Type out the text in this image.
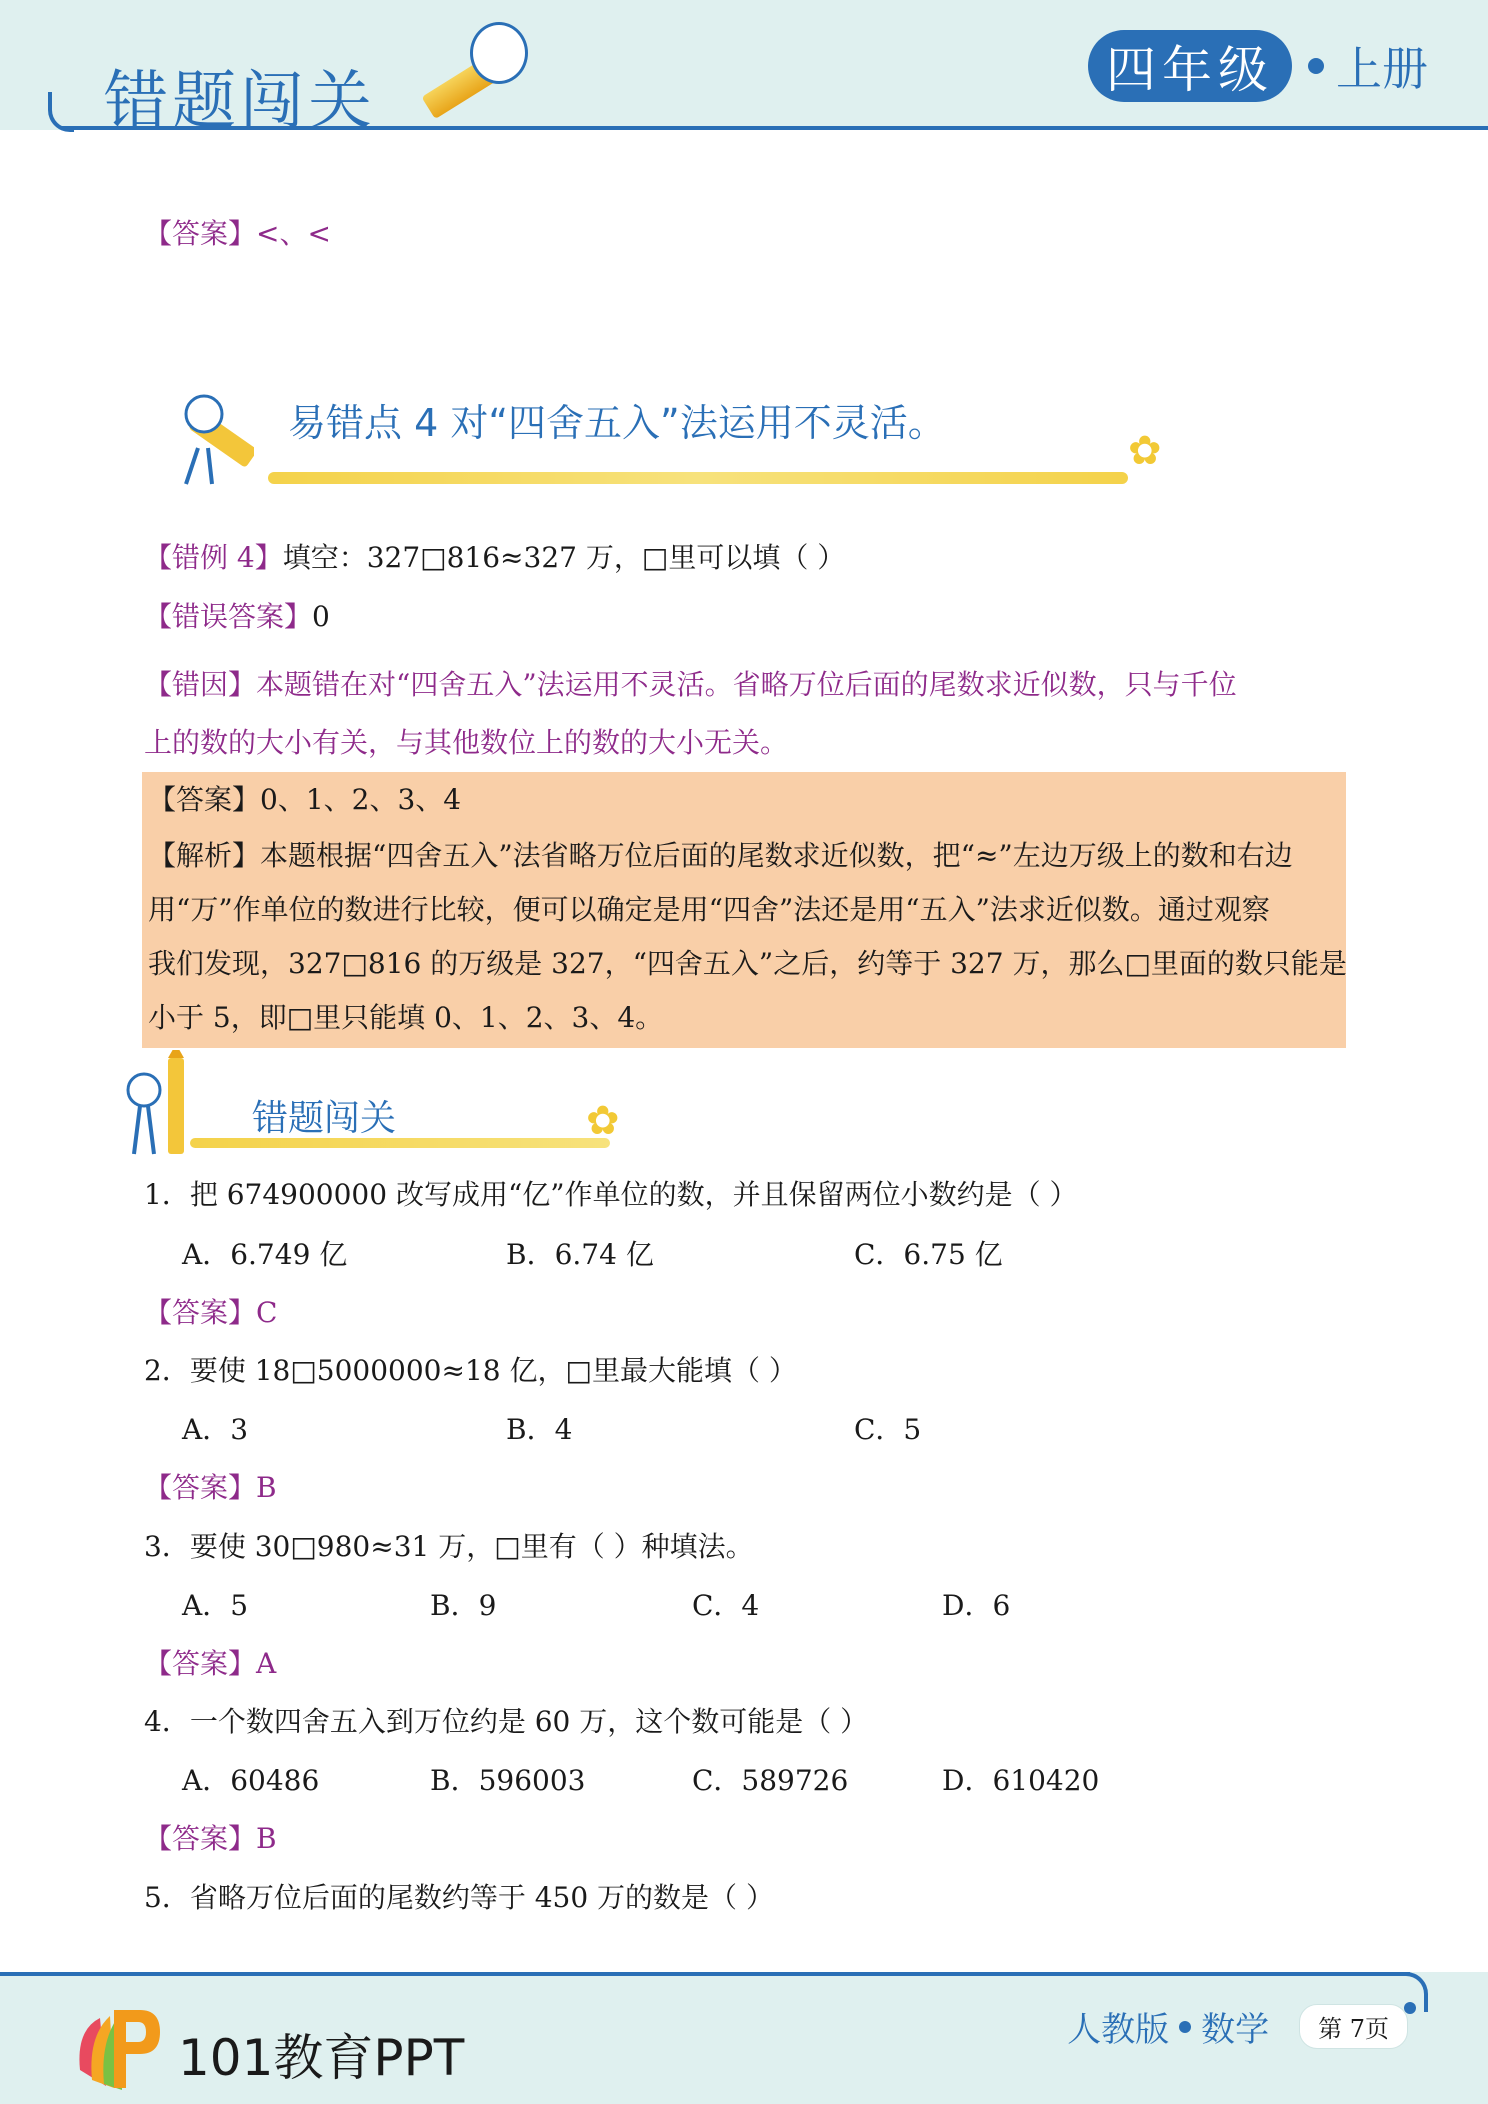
错题闯关	四年级	上册
【答案】<、<
易错点 4 对“四舍五入”法运用不灵活。
✿
【错例 4】填空：327□816≈327 万，□里可以填（ ）
【错误答案】0
【错因】本题错在对“四舍五入”法运用不灵活。省略万位后面的尾数求近似数，只与千位
上的数的大小有关，与其他数位上的数的大小无关。
【答案】0、1、2、3、4
【解析】本题根据“四舍五入”法省略万位后面的尾数求近似数，把“≈”左边万级上的数和右边
用“万”作单位的数进行比较，便可以确定是用“四舍”法还是用“五入”法求近似数。通过观察
我们发现，327□816 的万级是 327，“四舍五入”之后，约等于 327 万，那么□里面的数只能是
小于 5，即□里只能填 0、1、2、3、4。
错题闯关	✿
1．把 674900000 改写成用“亿”作单位的数，并且保留两位小数约是（ ）
A．6.749 亿	B．6.74 亿	C．6.75 亿
【答案】C
2．要使 18□5000000≈18 亿，□里最大能填（ ）
A．3	B．4	C．5
【答案】B
3．要使 30□980≈31 万，□里有（ ）种填法。
A．5	B．9	C．4	D．6
【答案】A
4．一个数四舍五入到万位约是 60 万，这个数可能是（ ）
A．60486	B．596003	C．589726	D．610420
【答案】B
5．省略万位后面的尾数约等于 450 万的数是（ ）
101教育PPT	人教版 数学	第 7页
